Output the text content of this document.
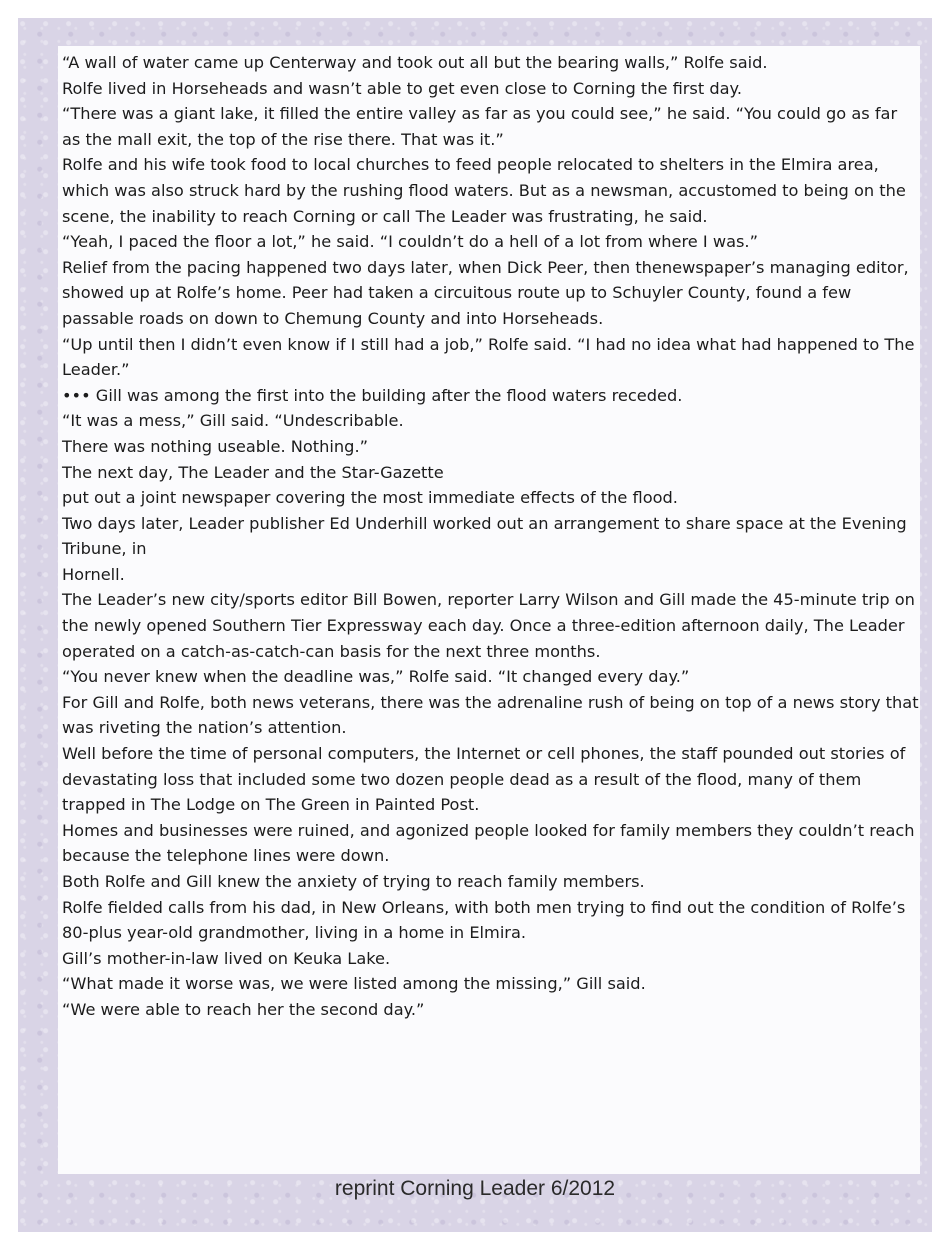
“A wall of water came up Centerway and took out all but the bearing walls,” Rolfe said.

Rolfe lived in Horseheads and wasn’t able to get even close to Corning the first day.

“There was a giant lake, it filled the entire valley as far as you could see,” he said. “You could go as far as the mall exit, the top of the rise there. That was it.”

Rolfe and his wife took food to local churches to feed people relocated to shelters in the Elmira area, which was also struck hard by the rushing flood waters. But as a newsman, accustomed to being on the scene, the inability to reach Corning or call The Leader was frustrating, he said.

“Yeah, I paced the floor a lot,” he said. “I couldn’t do a hell of a lot from where I was.”

Relief from the pacing happened two days later, when Dick Peer, then thenewspaper’s managing editor, showed up at Rolfe’s home. Peer had taken a circuitous route up to Schuyler County, found a few passable roads on down to Chemung County and into Horseheads.

“Up until then I didn’t even know if I still had a job,” Rolfe said. “I had no idea what had happened to The Leader.”

••• Gill was among the first into the building after the flood waters receded.

“It was a mess,” Gill said. “Undescribable.

There was nothing useable. Nothing.”

The next day, The Leader and the Star-Gazette

put out a joint newspaper covering the most immediate effects of the flood.

Two days later, Leader publisher Ed Underhill worked out an arrangement to share space at the Evening Tribune, in

Hornell.

The Leader’s new city/sports editor Bill Bowen, reporter Larry Wilson and Gill made the 45-minute trip on the newly opened Southern Tier Expressway each day. Once a three-edition afternoon daily, The Leader operated on a catch-as-catch-can basis for the next three months.

“You never knew when the deadline was,” Rolfe said. “It changed every day.”

For Gill and Rolfe, both news veterans, there was the adrenaline rush of being on top of a news story that was riveting the nation’s attention.

Well before the time of personal computers, the Internet or cell phones, the staff pounded out stories of devastating loss that included some two dozen people dead as a result of the flood, many of them trapped in The Lodge on The Green in Painted Post.

Homes and businesses were ruined, and agonized people looked for family members they couldn’t reach because the telephone lines were down.

Both Rolfe and Gill knew the anxiety of trying to reach family members.

Rolfe fielded calls from his dad, in New Orleans, with both men trying to find out the condition of Rolfe’s 80-plus year-old grandmother, living in a home in Elmira.

Gill’s mother-in-law lived on Keuka Lake.

“What made it worse was, we were listed among the missing,” Gill said.

“We were able to reach her the second day.”

reprint Corning Leader 6/2012
